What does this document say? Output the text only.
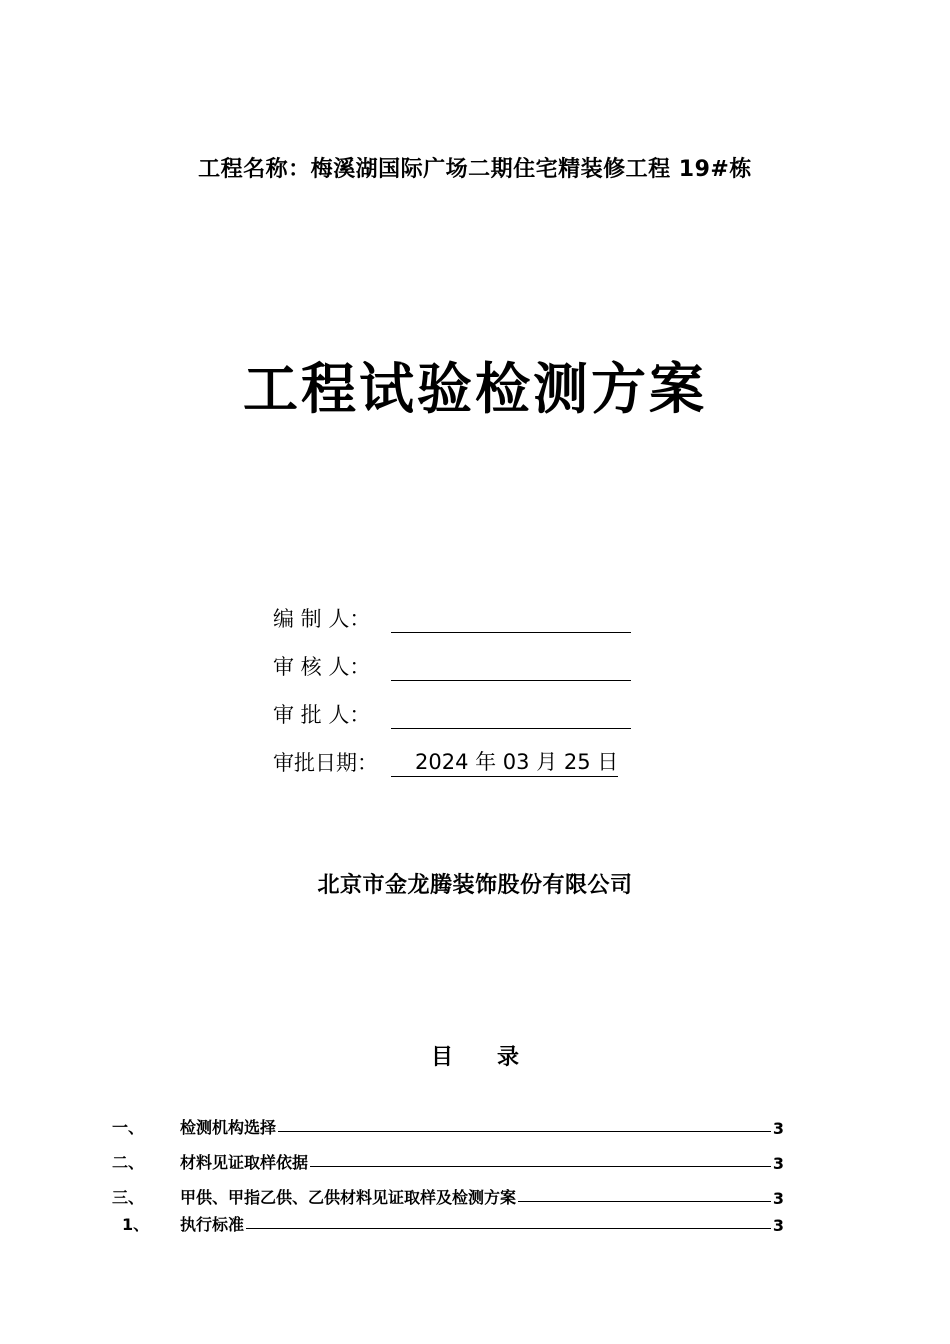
工程名称：梅溪湖国际广场二期住宅精装修工程 19#栋
工程试验检测方案
编 制 人：
审 核 人：
审 批 人：
审批日期：	2024 年 03 月 25 日
北京市金龙腾装饰股份有限公司
目 录
一、	检测机构选择	3
二、	材料见证取样依据	3
三、	甲供、甲指乙供、乙供材料见证取样及检测方案	3
1、	执行标准	3
